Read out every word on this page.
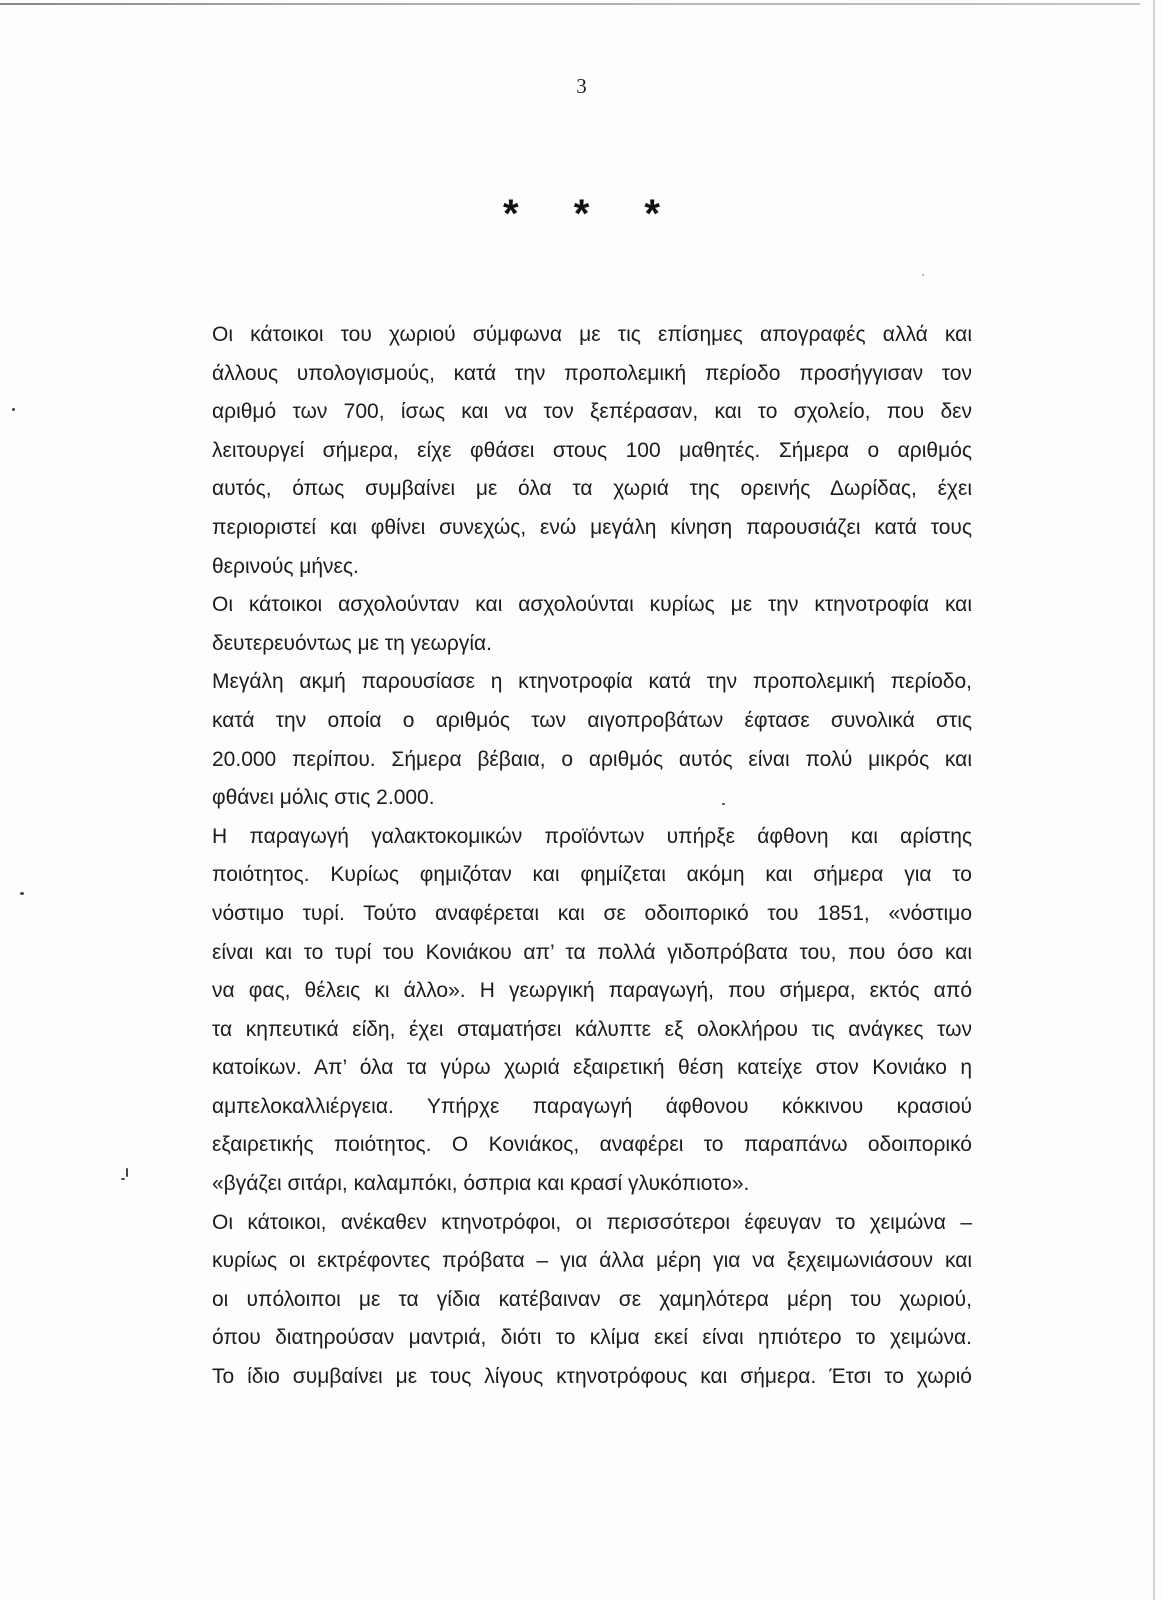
3
* * *

Οι κάτοικοι του χωριού σύμφωνα με τις επίσημες απογραφές αλλά και
άλλους υπολογισμούς, κατά την προπολεμική περίοδο προσήγγισαν τον
αριθμό των 700, ίσως και να τον ξεπέρασαν, και το σχολείο, που δεν
λειτουργεί σήμερα, είχε φθάσει στους 100 μαθητές. Σήμερα ο αριθμός
αυτός, όπως συμβαίνει με όλα τα χωριά της ορεινής Δωρίδας, έχει
περιοριστεί και φθίνει συνεχώς, ενώ μεγάλη κίνηση παρουσιάζει κατά τους
θερινούς μήνες.

Οι κάτοικοι ασχολούνταν και ασχολούνται κυρίως με την κτηνοτροφία και
δευτερευόντως με τη γεωργία.

Μεγάλη ακμή παρουσίασε η κτηνοτροφία κατά την προπολεμική περίοδο,
κατά την οποία ο αριθμός των αιγοπροβάτων έφτασε συνολικά στις
20.000 περίπου. Σήμερα βέβαια, ο αριθμός αυτός είναι πολύ μικρός και
φθάνει μόλις στις 2.000.

Η παραγωγή γαλακτοκομικών προϊόντων υπήρξε άφθονη και αρίστης
ποιότητος. Κυρίως φημιζόταν και φημίζεται ακόμη και σήμερα για το
νόστιμο τυρί. Τούτο αναφέρεται και σε οδοιπορικό του 1851, «νόστιμο
είναι και το τυρί του Κονιάκου απ’ τα πολλά γιδοπρόβατα του, που όσο και
να φας, θέλεις κι άλλο». Η γεωργική παραγωγή, που σήμερα, εκτός από
τα κηπευτικά είδη, έχει σταματήσει κάλυπτε εξ ολοκλήρου τις ανάγκες των
κατοίκων. Απ’ όλα τα γύρω χωριά εξαιρετική θέση κατείχε στον Κονιάκο η
αμπελοκαλλιέργεια. Υπήρχε παραγωγή άφθονου κόκκινου κρασιού
εξαιρετικής ποιότητος. Ο Κονιάκος, αναφέρει το παραπάνω οδοιπορικό
«βγάζει σιτάρι, καλαμπόκι, όσπρια και κρασί γλυκόπιοτο».

Οι κάτοικοι, ανέκαθεν κτηνοτρόφοι, οι περισσότεροι έφευγαν το χειμώνα –
κυρίως οι εκτρέφοντες πρόβατα – για άλλα μέρη για να ξεχειμωνιάσουν και
οι υπόλοιποι με τα γίδια κατέβαιναν σε χαμηλότερα μέρη του χωριού,
όπου διατηρούσαν μαντριά, διότι το κλίμα εκεί είναι ηπιότερο το χειμώνα.
Το ίδιο συμβαίνει με τους λίγους κτηνοτρόφους και σήμερα. Έτσι το χωριό
